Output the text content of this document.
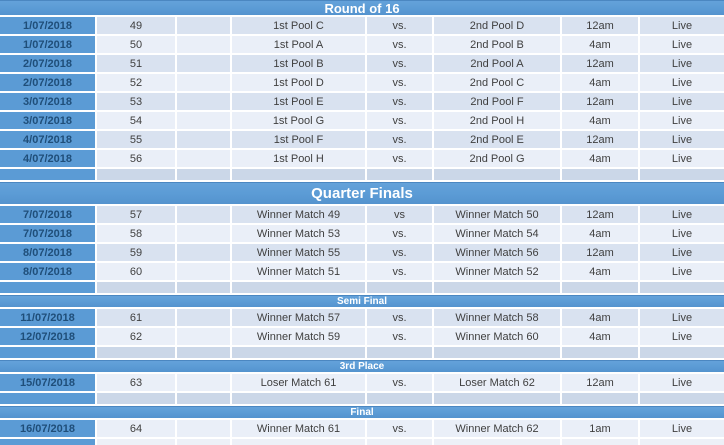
Round of 16
1/07/2018	49	1st Pool C	vs.	2nd Pool D	12am	Live
1/07/2018	50	1st Pool A	vs.	2nd Pool B	4am	Live
2/07/2018	51	1st Pool B	vs.	2nd Pool A	12am	Live
2/07/2018	52	1st Pool D	vs.	2nd Pool C	4am	Live
3/07/2018	53	1st Pool E	vs.	2nd Pool F	12am	Live
3/07/2018	54	1st Pool G	vs.	2nd Pool H	4am	Live
4/07/2018	55	1st Pool F	vs.	2nd Pool E	12am	Live
4/07/2018	56	1st Pool H	vs.	2nd Pool G	4am	Live
Quarter Finals
7/07/2018	57	Winner Match 49	vs	Winner Match 50	12am	Live
7/07/2018	58	Winner Match 53	vs.	Winner Match 54	4am	Live
8/07/2018	59	Winner Match 55	vs.	Winner Match 56	12am	Live
8/07/2018	60	Winner Match 51	vs.	Winner Match 52	4am	Live
Semi Final
11/07/2018	61	Winner Match 57	vs.	Winner Match 58	4am	Live
12/07/2018	62	Winner Match 59	vs.	Winner Match 60	4am	Live
3rd Place
15/07/2018	63	Loser Match 61	vs.	Loser Match 62	12am	Live
Final
16/07/2018	64	Winner Match 61	vs.	Winner Match 62	1am	Live
